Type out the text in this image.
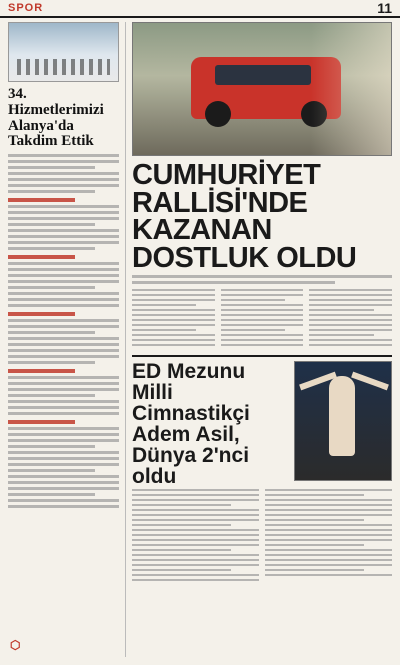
SPOR	11
34. Hizmetlerimizi Alanya'da Takdim Ettik
⬡
CUMHURİYET RALLİSİ'NDE KAZANAN DOSTLUK OLDU
ED Mezunu Milli Cimnastikçi Adem Asil, Dünya 2'nci oldu
